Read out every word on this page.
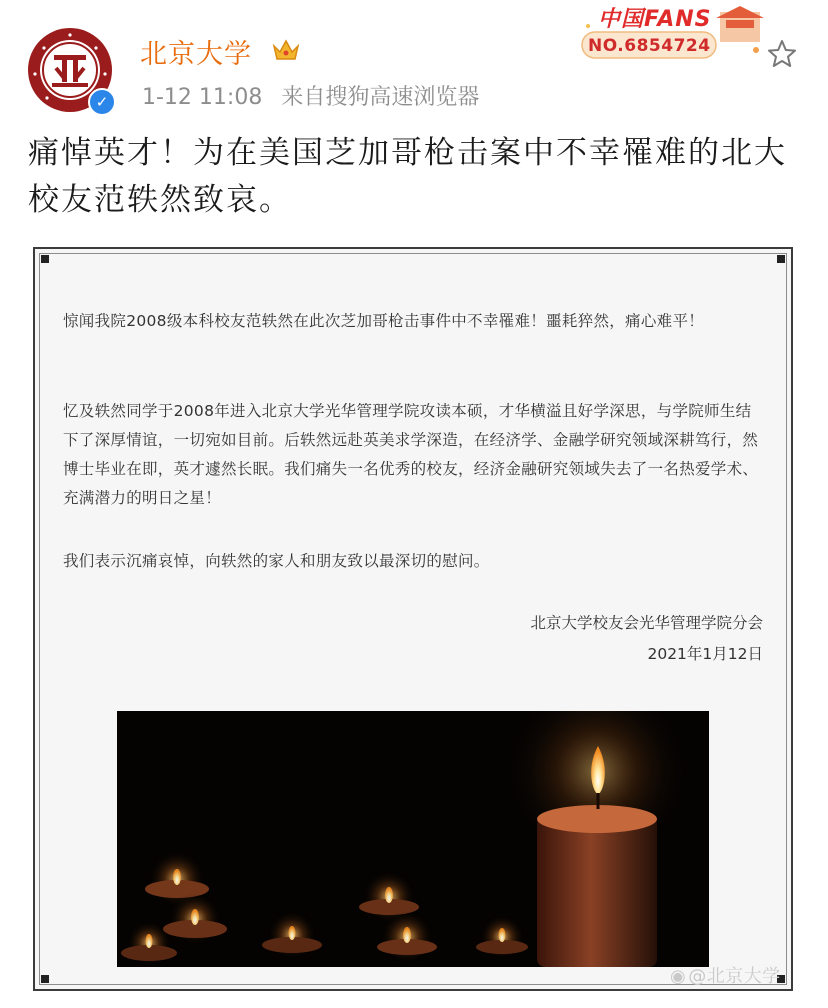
✓
北京大学
1-12 11:08 来自搜狗高速浏览器
中国FANS
NO.6854724
痛悼英才！为在美国芝加哥枪击案中不幸罹难的北大校友范轶然致哀。
惊闻我院2008级本科校友范轶然在此次芝加哥枪击事件中不幸罹难！噩耗猝然，痛心难平！
忆及轶然同学于2008年进入北京大学光华管理学院攻读本硕，才华横溢且好学深思，与学院师生结下了深厚情谊，一切宛如目前。后轶然远赴英美求学深造，在经济学、金融学研究领域深耕笃行，然博士毕业在即，英才遽然长眠。我们痛失一名优秀的校友，经济金融研究领域失去了一名热爱学术、充满潜力的明日之星！
我们表示沉痛哀悼，向轶然的家人和朋友致以最深切的慰问。
北京大学校友会光华管理学院分会
2021年1月12日
◉ @北京大学
